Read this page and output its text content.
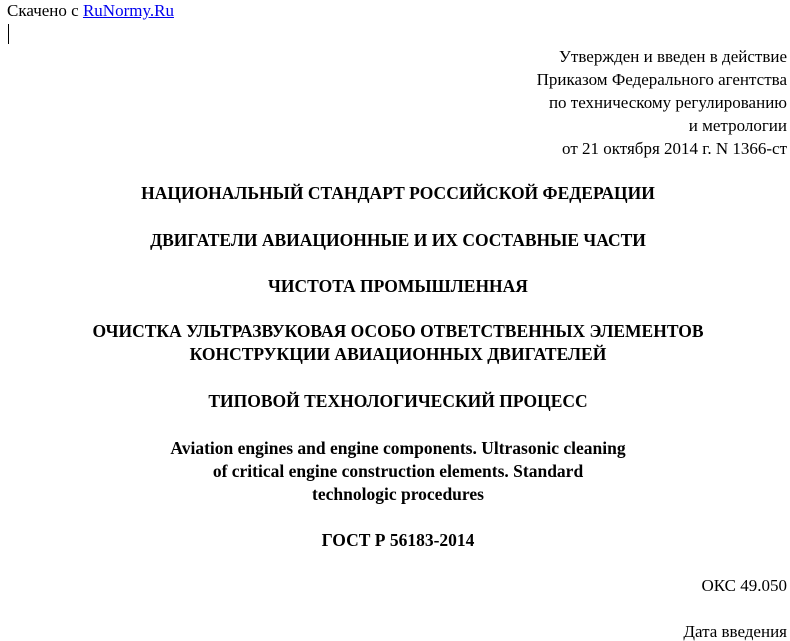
Скачено с RuNormy.Ru
Утвержден и введен в действие
Приказом Федерального агентства
по техническому регулированию
и метрологии
от 21 октября 2014 г. N 1366-ст
НАЦИОНАЛЬНЫЙ СТАНДАРТ РОССИЙСКОЙ ФЕДЕРАЦИИ
ДВИГАТЕЛИ АВИАЦИОННЫЕ И ИХ СОСТАВНЫЕ ЧАСТИ
ЧИСТОТА ПРОМЫШЛЕННАЯ
ОЧИСТКА УЛЬТРАЗВУКОВАЯ ОСОБО ОТВЕТСТВЕННЫХ ЭЛЕМЕНТОВ
КОНСТРУКЦИИ АВИАЦИОННЫХ ДВИГАТЕЛЕЙ
ТИПОВОЙ ТЕХНОЛОГИЧЕСКИЙ ПРОЦЕСС
Aviation engines and engine components. Ultrasonic cleaning
of critical engine construction elements. Standard
technologic procedures
ГОСТ Р 56183-2014
ОКС 49.050
Дата введения
